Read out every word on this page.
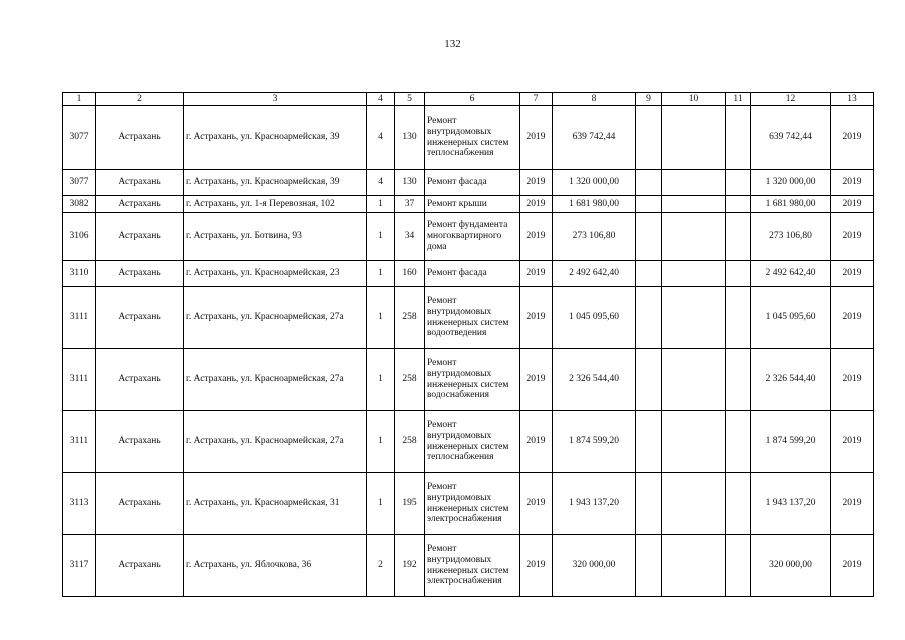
132
1	2	3	4	5	6	7	8	9	10	11	12	13
3077	Астрахань	г. Астрахань, ул. Красноармейская, 39	4	130	Ремонт внутридомовых инженерных систем теплоснабжения	2019	639 742,44				639 742,44	2019
3077	Астрахань	г. Астрахань, ул. Красноармейская, 39	4	130	Ремонт фасада	2019	1 320 000,00				1 320 000,00	2019
3082	Астрахань	г. Астрахань, ул. 1-я Перевозная, 102	1	37	Ремонт крыши	2019	1 681 980,00				1 681 980,00	2019
3106	Астрахань	г. Астрахань, ул. Ботвина, 93	1	34	Ремонт фундамента многоквартирного дома	2019	273 106,80				273 106,80	2019
3110	Астрахань	г. Астрахань, ул. Красноармейская, 23	1	160	Ремонт фасада	2019	2 492 642,40				2 492 642,40	2019
3111	Астрахань	г. Астрахань, ул. Красноармейская, 27а	1	258	Ремонт внутридомовых инженерных систем водоотведения	2019	1 045 095,60				1 045 095,60	2019
3111	Астрахань	г. Астрахань, ул. Красноармейская, 27а	1	258	Ремонт внутридомовых инженерных систем водоснабжения	2019	2 326 544,40				2 326 544,40	2019
3111	Астрахань	г. Астрахань, ул. Красноармейская, 27а	1	258	Ремонт внутридомовых инженерных систем теплоснабжения	2019	1 874 599,20				1 874 599,20	2019
3113	Астрахань	г. Астрахань, ул. Красноармейская, 31	1	195	Ремонт внутридомовых инженерных систем электроснабжения	2019	1 943 137,20				1 943 137,20	2019
3117	Астрахань	г. Астрахань, ул. Яблочкова, 36	2	192	Ремонт внутридомовых инженерных систем электроснабжения	2019	320 000,00				320 000,00	2019
